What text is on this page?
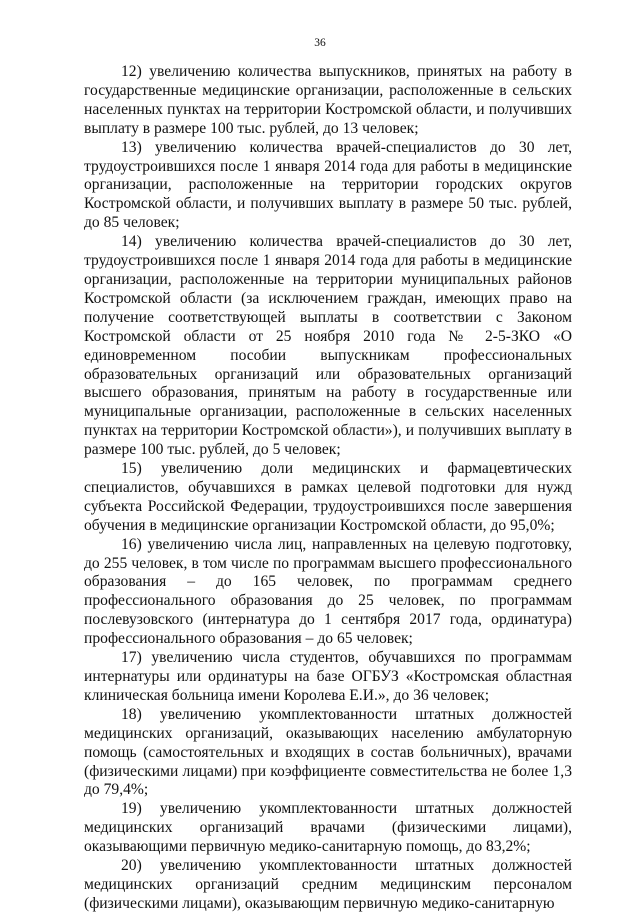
36

12) увеличению количества выпускников, принятых на работу в государственные медицинские организации, расположенные в сельских населенных пунктах на территории Костромской области, и получивших выплату в размере 100 тыс. рублей, до 13 человек;

13) увеличению количества врачей-специалистов до 30 лет, трудоустроившихся после 1 января 2014 года для работы в медицинские организации, расположенные на территории городских округов Костромской области, и получивших выплату в размере 50 тыс. рублей, до 85 человек;

14) увеличению количества врачей-специалистов до 30 лет, трудоустроившихся после 1 января 2014 года для работы в медицинские организации, расположенные на территории муниципальных районов Костромской области (за исключением граждан, имеющих право на получение соответствующей выплаты в соответствии с Законом Костромской области от 25 ноября 2010 года № 2-5-ЗКО «О единовременном пособии выпускникам профессиональных образовательных организаций или образовательных организаций высшего образования, принятым на работу в государственные или муниципальные организации, расположенные в сельских населенных пунктах на территории Костромской области»), и получивших выплату в размере 100 тыс. рублей, до 5 человек;

15) увеличению доли медицинских и фармацевтических специалистов, обучавшихся в рамках целевой подготовки для нужд субъекта Российской Федерации, трудоустроившихся после завершения обучения в медицинские организации Костромской области, до 95,0%;

16) увеличению числа лиц, направленных на целевую подготовку, до 255 человек, в том числе по программам высшего профессионального образования – до 165 человек, по программам среднего профессионального образования до 25 человек, по программам послевузовского (интернатура до 1 сентября 2017 года, ординатура) профессионального образования – до 65 человек;

17) увеличению числа студентов, обучавшихся по программам интернатуры или ординатуры на базе ОГБУЗ «Костромская областная клиническая больница имени Королева Е.И.», до 36 человек;

18) увеличению укомплектованности штатных должностей медицинских организаций, оказывающих населению амбулаторную помощь (самостоятельных и входящих в состав больничных), врачами (физическими лицами) при коэффициенте совместительства не более 1,3 до 79,4%;

19) увеличению укомплектованности штатных должностей медицинских организаций врачами (физическими лицами), оказывающими первичную медико-санитарную помощь, до 83,2%;

20) увеличению укомплектованности штатных должностей медицинских организаций средним медицинским персоналом (физическими лицами), оказывающим первичную медико-санитарную
